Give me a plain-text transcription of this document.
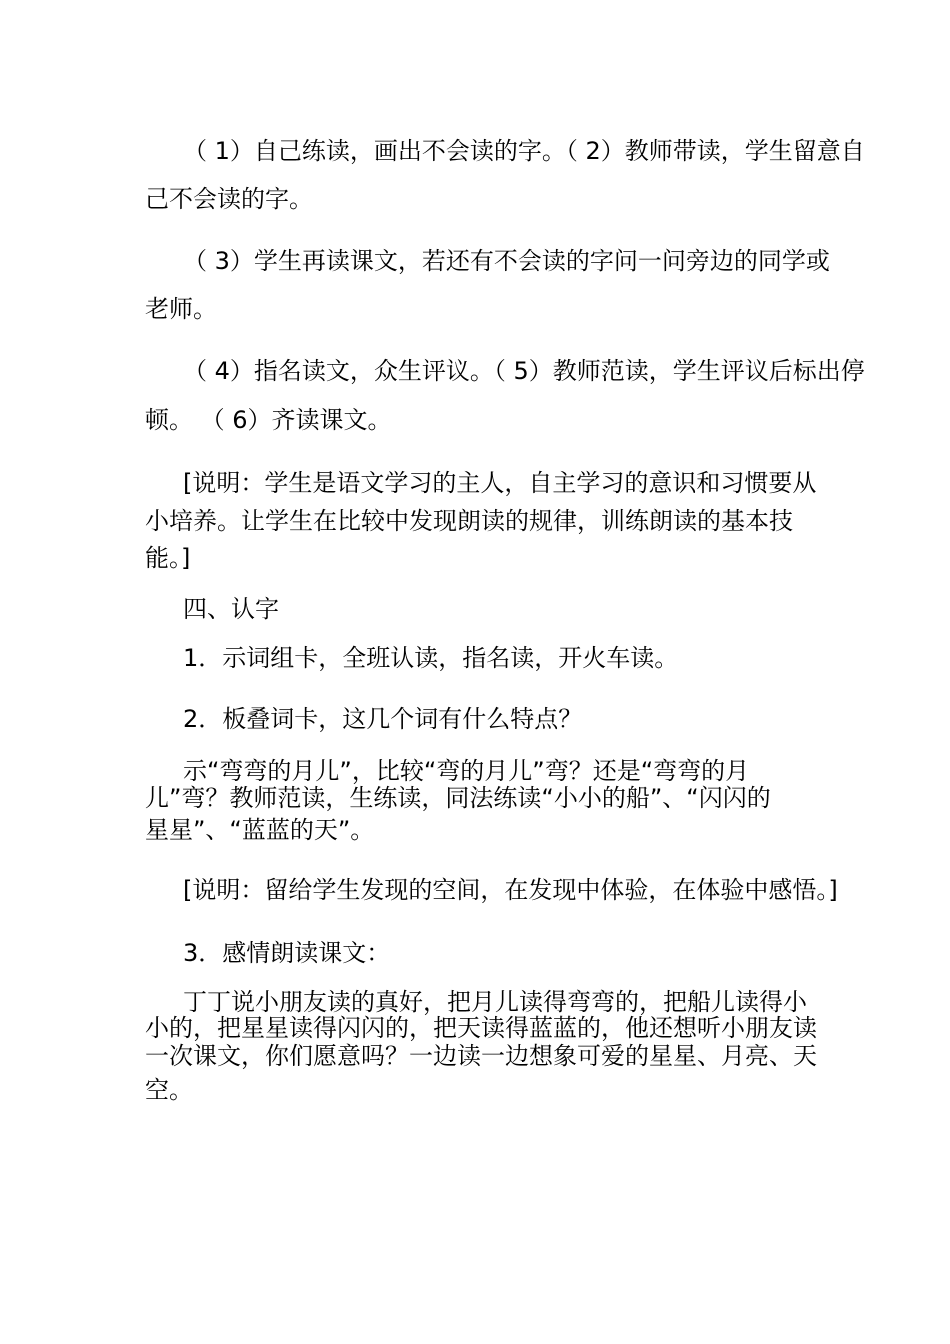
（ 1）自己练读，画出不会读的字。（ 2）教师带读，学生留意自
己不会读的字。
（ 3）学生再读课文，若还有不会读的字问一问旁边的同学或
老师。
（ 4）指名读文，众生评议。（ 5）教师范读，学生评议后标出停
顿。 （ 6）齐读课文。
[说明：学生是语文学习的主人，自主学习的意识和习惯要从
小培养。让学生在比较中发现朗读的规律，训练朗读的基本技
能。]
四、认字
1．示词组卡，全班认读，指名读，开火车读。
2．板叠词卡，这几个词有什么特点？
示“弯弯的月儿”，比较“弯的月儿”弯？还是“弯弯的月
儿”弯？教师范读，生练读，同法练读“小小的船”、“闪闪的
星星”、“蓝蓝的天”。
[说明：留给学生发现的空间，在发现中体验，在体验中感悟。]
3．感情朗读课文：
丁丁说小朋友读的真好，把月儿读得弯弯的，把船儿读得小
小的，把星星读得闪闪的，把天读得蓝蓝的，他还想听小朋友读
一次课文，你们愿意吗？一边读一边想象可爱的星星、月亮、天
空。
